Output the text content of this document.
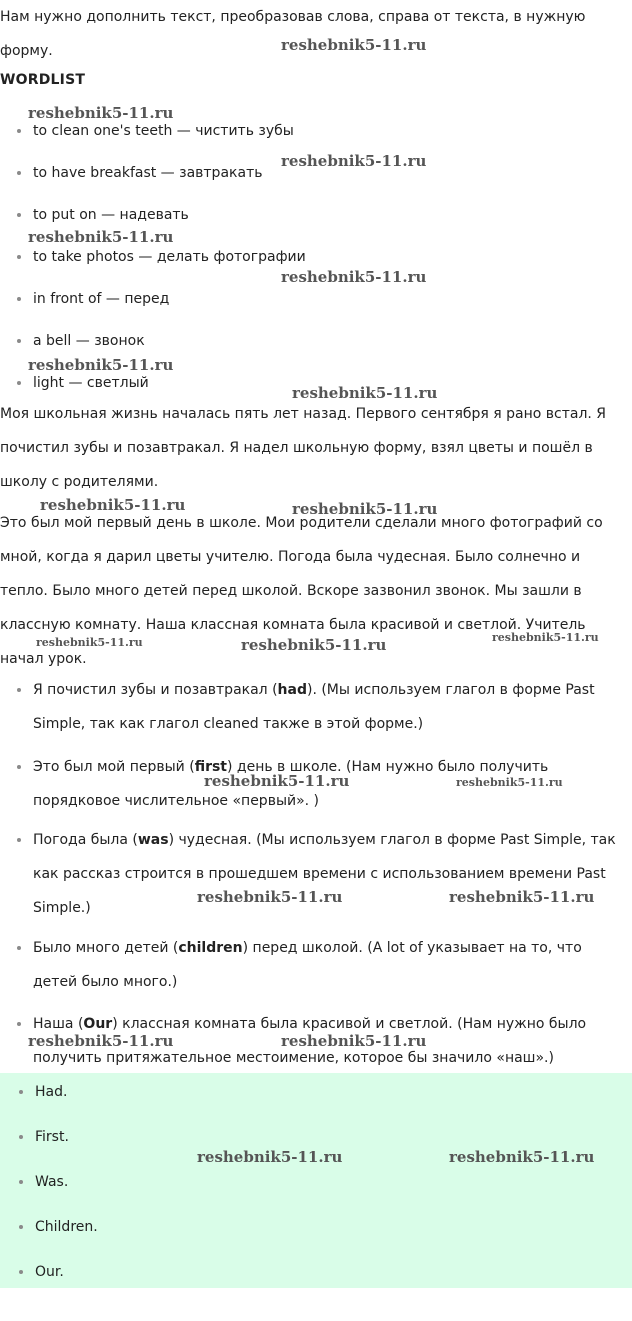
Нам нужно дополнить текст, преобразовав слова, справа от текста, в нужную форму.

WORDLIST
to clean one's teeth — чистить зубы
to have breakfast — завтракать
to put on — надевать
to take photos — делать фотографии
in front of — перед
a bell — звонок
light — светлый

Моя школьная жизнь началась пять лет назад. Первого сентября я рано встал. Я почистил зубы и позавтракал. Я надел школьную форму, взял цветы и пошёл в школу с родителями.

Это был мой первый день в школе. Мои родители сделали много фотографий со мной, когда я дарил цветы учителю. Погода была чудесная. Было солнечно и тепло. Было много детей перед школой. Вскоре зазвонил звонок. Мы зашли в классную комнату. Наша классная комната была красивой и светлой. Учитель начал урок.

Я почистил зубы и позавтракал (had). (Мы используем глагол в форме Past Simple, так как глагол cleaned также в этой форме.)
Это был мой первый (first) день в школе. (Нам нужно было получить порядковое числительное «первый». )
Погода была (was) чудесная. (Мы используем глагол в форме Past Simple, так как рассказ строится в прошедшем времени с использованием времени Past Simple.)
Было много детей (children) перед школой. (A lot of указывает на то, что детей было много.)
Наша (Our) классная комната была красивой и светлой. (Нам нужно было получить притяжательное местоимение, которое бы значило «наш».)
Had.
First.
Was.
Children.
Our.
reshebnik5-11.ru
reshebnik5-11.ru
reshebnik5-11.ru
reshebnik5-11.ru
reshebnik5-11.ru
reshebnik5-11.ru
reshebnik5-11.ru
reshebnik5-11.ru	reshebnik5-11.ru
reshebnik5-11.ru	reshebnik5-11.ru	reshebnik5-11.ru
reshebnik5-11.ru	reshebnik5-11.ru
reshebnik5-11.ru	reshebnik5-11.ru
reshebnik5-11.ru	reshebnik5-11.ru
reshebnik5-11.ru	reshebnik5-11.ru
